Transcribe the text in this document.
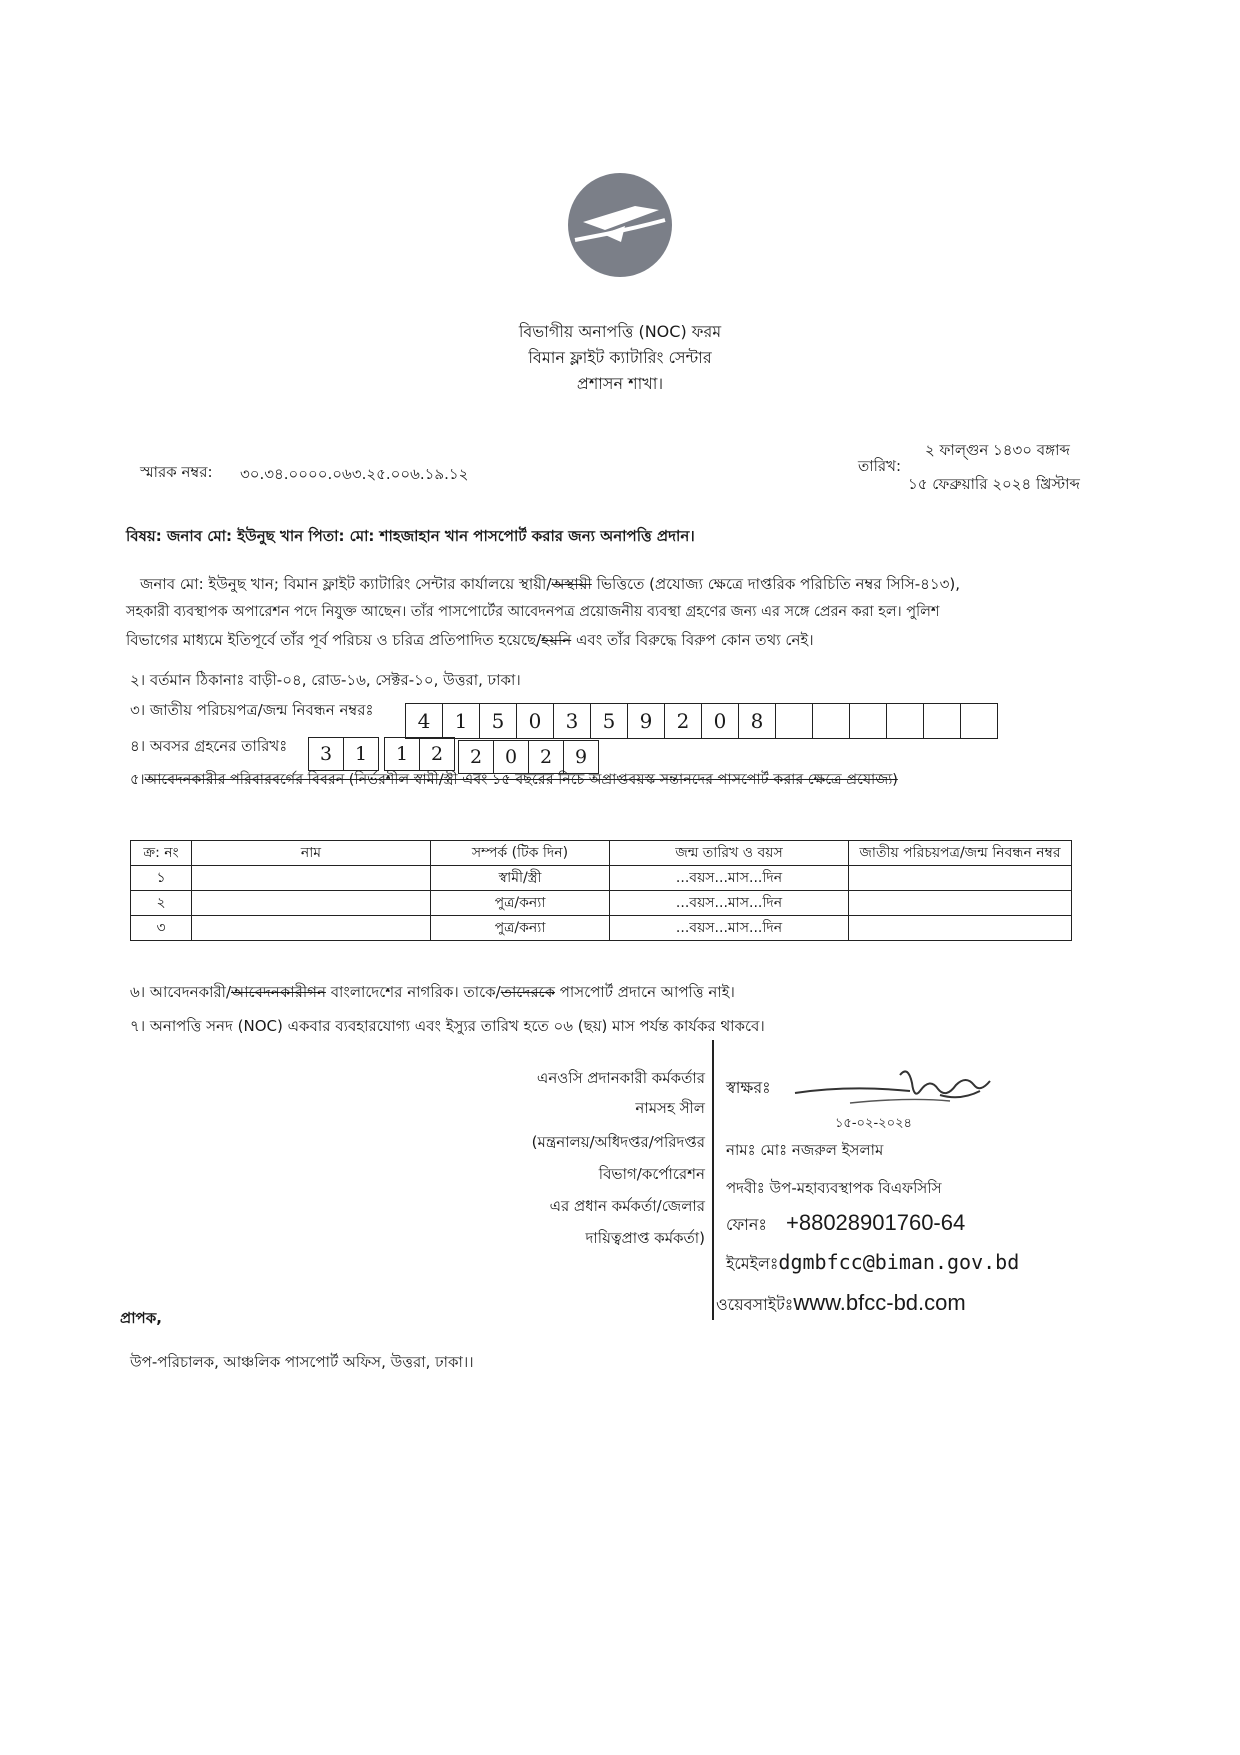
বিভাগীয় অনাপত্তি (NOC) ফরম
বিমান ফ্লাইট ক্যাটারিং সেন্টার
প্রশাসন শাখা।
স্মারক নম্বর: ৩০.৩৪.০০০০.০৬৩.২৫.০০৬.১৯.১২
২ ফাল্গুন ১৪৩০ বঙ্গাব্দ
তারিখ:
১৫ ফেব্রুয়ারি ২০২৪ খ্রিস্টাব্দ
বিষয়: জনাব মো: ইউনুছ খান পিতা: মো: শাহজাহান খান পাসপোর্ট করার জন্য অনাপত্তি প্রদান।
জনাব মো: ইউনুছ খান; বিমান ফ্লাইট ক্যাটারিং সেন্টার কার্যালয়ে স্থায়ী/অস্থায়ী ভিত্তিতে (প্রযোজ্য ক্ষেত্রে দাপ্তরিক পরিচিতি নম্বর সিসি-৪১৩),
সহকারী ব্যবস্থাপক অপারেশন পদে নিযুক্ত আছেন। তাঁর পাসপোর্টের আবেদনপত্র প্রয়োজনীয় ব্যবস্থা গ্রহণের জন্য এর সঙ্গে প্রেরন করা হল। পুলিশ
বিভাগের মাধ্যমে ইতিপূর্বে তাঁর পূর্ব পরিচয় ও চরিত্র প্রতিপাদিত হয়েছে/হয়নি এবং তাঁর বিরুদ্ধে বিরুপ কোন তথ্য নেই।
২। বর্তমান ঠিকানাঃ বাড়ী-০৪, রোড-১৬, সেক্টর-১০, উত্তরা, ঢাকা।
৩। জাতীয় পরিচয়পত্র/জন্ম নিবন্ধন নম্বরঃ	4	1	5	0	3	5	9	2	0	8
৪। অবসর গ্রহনের তারিখঃ	3	1	1	2	2	0	2	9
৫।আবেদনকারীর পরিবারবর্গের বিবরন (নির্ভরশীল স্বামী/স্ত্রী এবং ১৫ বছরের নিচে অপ্রাপ্তবয়স্ক সন্তানদের পাসপোর্ট করার ক্ষেত্রে প্রযোজ্য)
ক্র: নং	নাম	সম্পর্ক (টিক দিন)	জন্ম তারিখ ও বয়স	জাতীয় পরিচয়পত্র/জন্ম নিবন্ধন নম্বর
১		স্বামী/স্ত্রী	...বয়স...মাস...দিন	
২		পুত্র/কন্যা	...বয়স...মাস...দিন	
৩		পুত্র/কন্যা	...বয়স...মাস...দিন	
৬। আবেদনকারী/আবেদনকারীগন বাংলাদেশের নাগরিক। তাকে/তাদেরকে পাসপোর্ট প্রদানে আপত্তি নাই।
৭। অনাপত্তি সনদ (NOC) একবার ব্যবহারযোগ্য এবং ইস্যুর তারিখ হতে ০৬ (ছয়) মাস পর্যন্ত কার্যকর থাকবে।
এনওসি প্রদানকারী কর্মকর্তার
নামসহ সীল
(মন্ত্রনালয়/অধিদপ্তর/পরিদপ্তর
বিভাগ/কর্পোরেশন
এর প্রধান কর্মকর্তা/জেলার
দায়িত্বপ্রাপ্ত কর্মকর্তা)
স্বাক্ষরঃ
১৫-০২-২০২৪
নামঃ মোঃ নজরুল ইসলাম
পদবীঃ উপ-মহাব্যবস্থাপক বিএফসিসি
ফোনঃ +88028901760-64
ইমেইলঃdgmbfcc@biman.gov.bd
ওয়েবসাইটঃwww.bfcc-bd.com
প্রাপক,
উপ-পরিচালক, আঞ্চলিক পাসপোর্ট অফিস, উত্তরা, ঢাকা।।
